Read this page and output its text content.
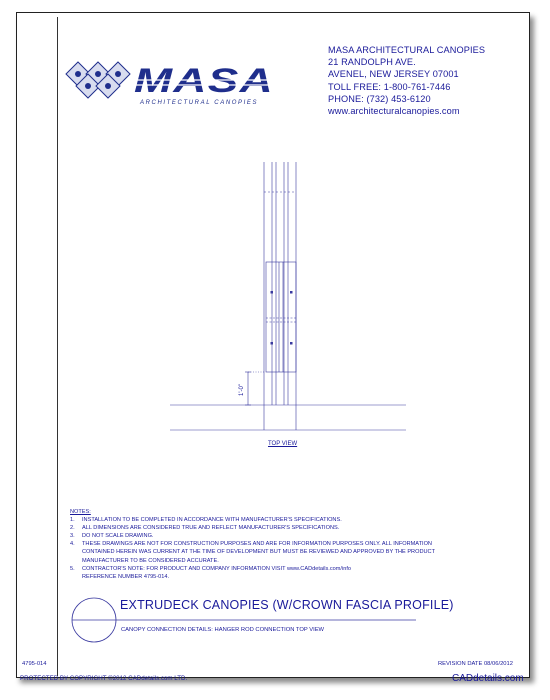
MASA
ARCHITECTURAL CANOPIES
MASA ARCHITECTURAL CANOPIES
21 RANDOLPH AVE.
AVENEL, NEW JERSEY 07001
TOLL FREE: 1-800-761-7446
PHONE: (732) 453-6120
www.architecturalcanopies.com
1'-0"
TOP VIEW
NOTES:
1. INSTALLATION TO BE COMPLETED IN ACCORDANCE WITH MANUFACTURER'S SPECIFICATIONS.
2. ALL DIMENSIONS ARE CONSIDERED TRUE AND REFLECT MANUFACTURER'S SPECIFICATIONS.
3. DO NOT SCALE DRAWING.
4. THESE DRAWINGS ARE NOT FOR CONSTRUCTION PURPOSES AND ARE FOR INFORMATION PURPOSES ONLY. ALL INFORMATION
CONTAINED HEREIN WAS CURRENT AT THE TIME OF DEVELOPMENT BUT MUST BE REVIEWED AND APPROVED BY THE PRODUCT
MANUFACTURER TO BE CONSIDERED ACCURATE.
5. CONTRACTOR'S NOTE: FOR PRODUCT AND COMPANY INFORMATION VISIT www.CADdetails.com/info
REFERENCE NUMBER 4795-014.
EXTRUDECK CANOPIES (W/CROWN FASCIA PROFILE)
CANOPY CONNECTION DETAILS: HANGER ROD CONNECTION TOP VIEW
4795-014	REVISION DATE 08/06/2012
PROTECTED BY COPYRIGHT ©2012 CADdetails.com LTD.	CADdetails.com
